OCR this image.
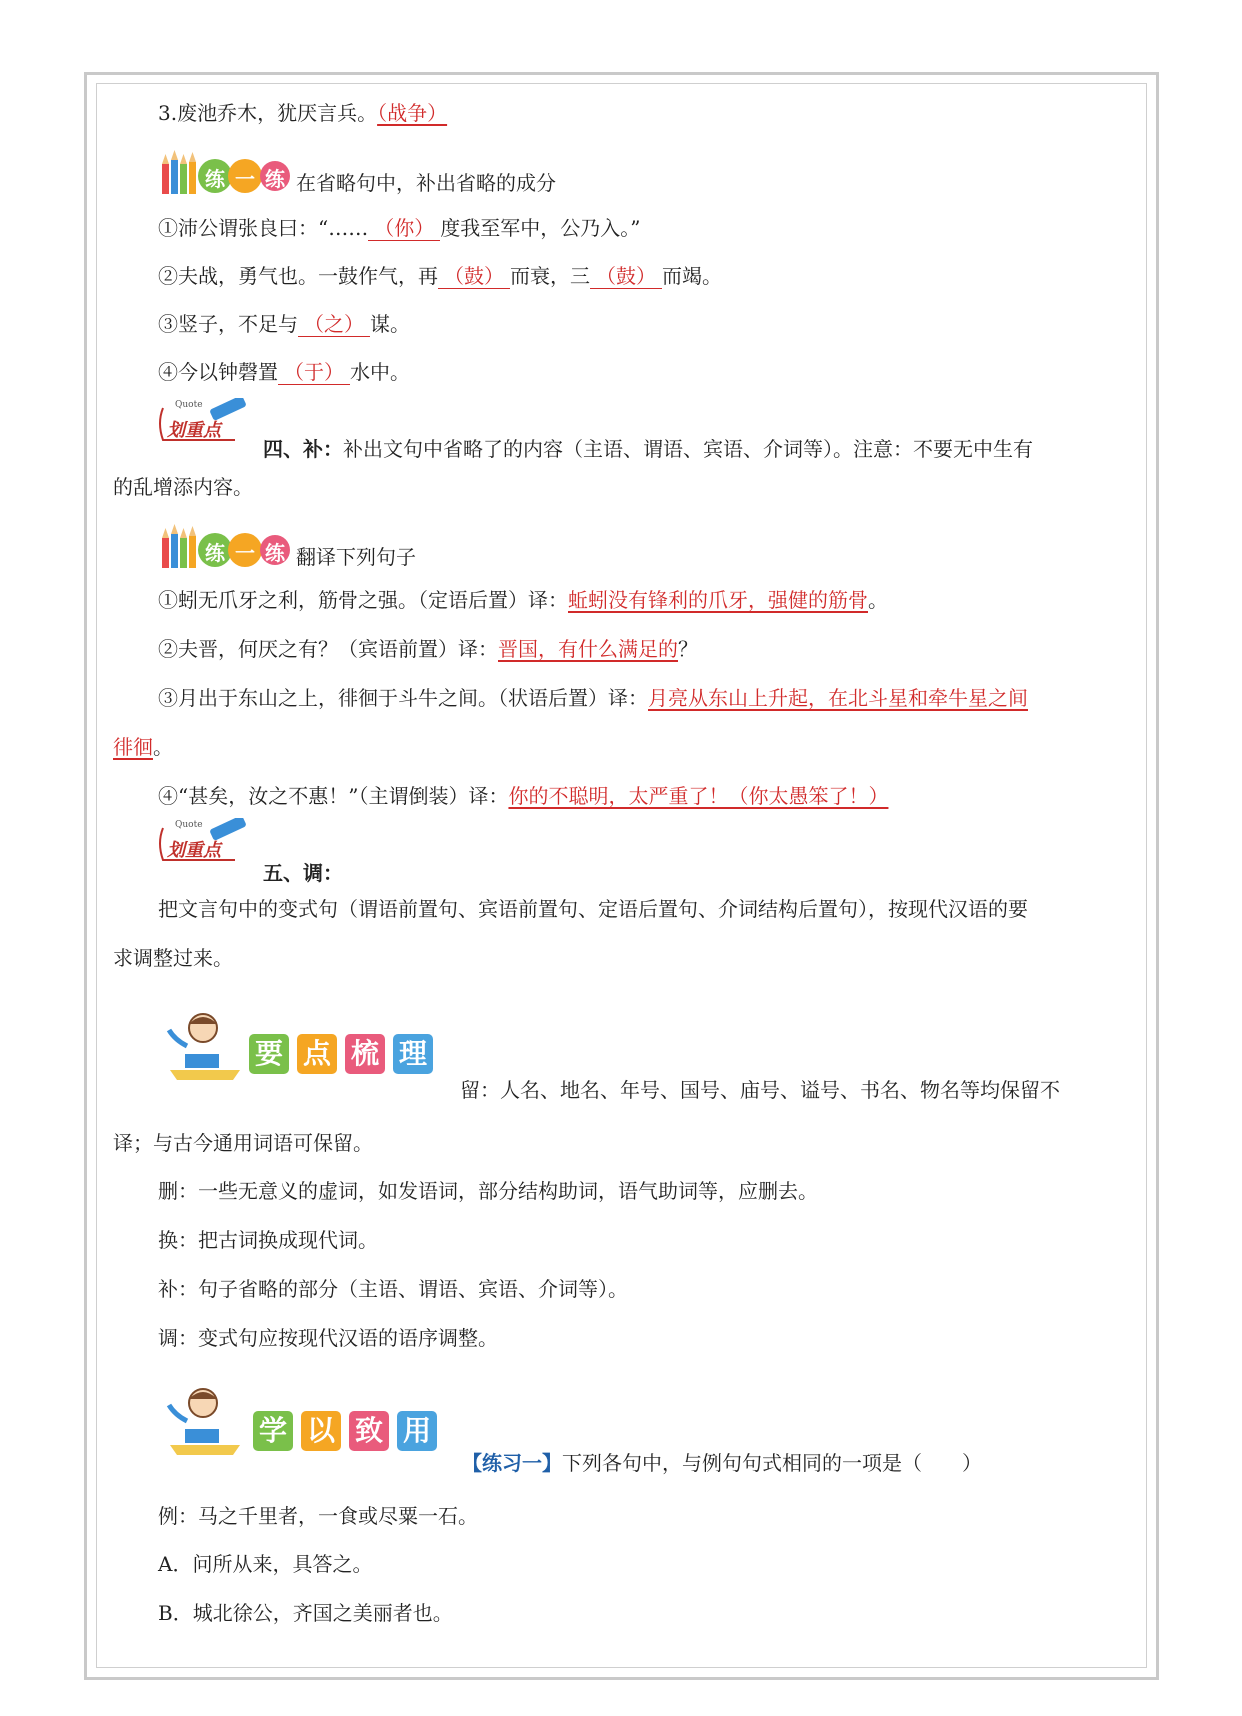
3.废池乔木，犹厌言兵。（战争）
练 一 练 在省略句中，补出省略的成分
①沛公谓张良曰：“…… （你） 度我至军中，公乃入。”
②夫战，勇气也。一鼓作气，再 （鼓） 而衰，三 （鼓） 而竭。
③竖子，不足与 （之） 谋。
④今以钟磬置 （于） 水中。
Quote
划重点
四、补：补出文句中省略了的内容（主语、谓语、宾语、介词等）。注意：不要无中生有
的乱增添内容。
练 一 练 翻译下列句子
①蚓无爪牙之利，筋骨之强。（定语后置）译：蚯蚓没有锋利的爪牙，强健的筋骨。
②夫晋，何厌之有？（宾语前置）译：晋国，有什么满足的？
③月出于东山之上，徘徊于斗牛之间。（状语后置）译：月亮从东山上升起，在北斗星和牵牛星之间
徘徊。
④“甚矣，汝之不惠！”（主谓倒装）译：你的不聪明，太严重了！（你太愚笨了！）
Quote
划重点
五、调：
把文言句中的变式句（谓语前置句、宾语前置句、定语后置句、介词结构后置句），按现代汉语的要
求调整过来。
要 点 梳 理
留：人名、地名、年号、国号、庙号、谥号、书名、物名等均保留不
译；与古今通用词语可保留。
删：一些无意义的虚词，如发语词，部分结构助词，语气助词等，应删去。
换：把古词换成现代词。
补：句子省略的部分（主语、谓语、宾语、介词等）。
调：变式句应按现代汉语的语序调整。
学 以 致 用
【练习一】下列各句中，与例句句式相同的一项是（　　）
例：马之千里者，一食或尽粟一石。
A．问所从来，具答之。
B．城北徐公，齐国之美丽者也。
